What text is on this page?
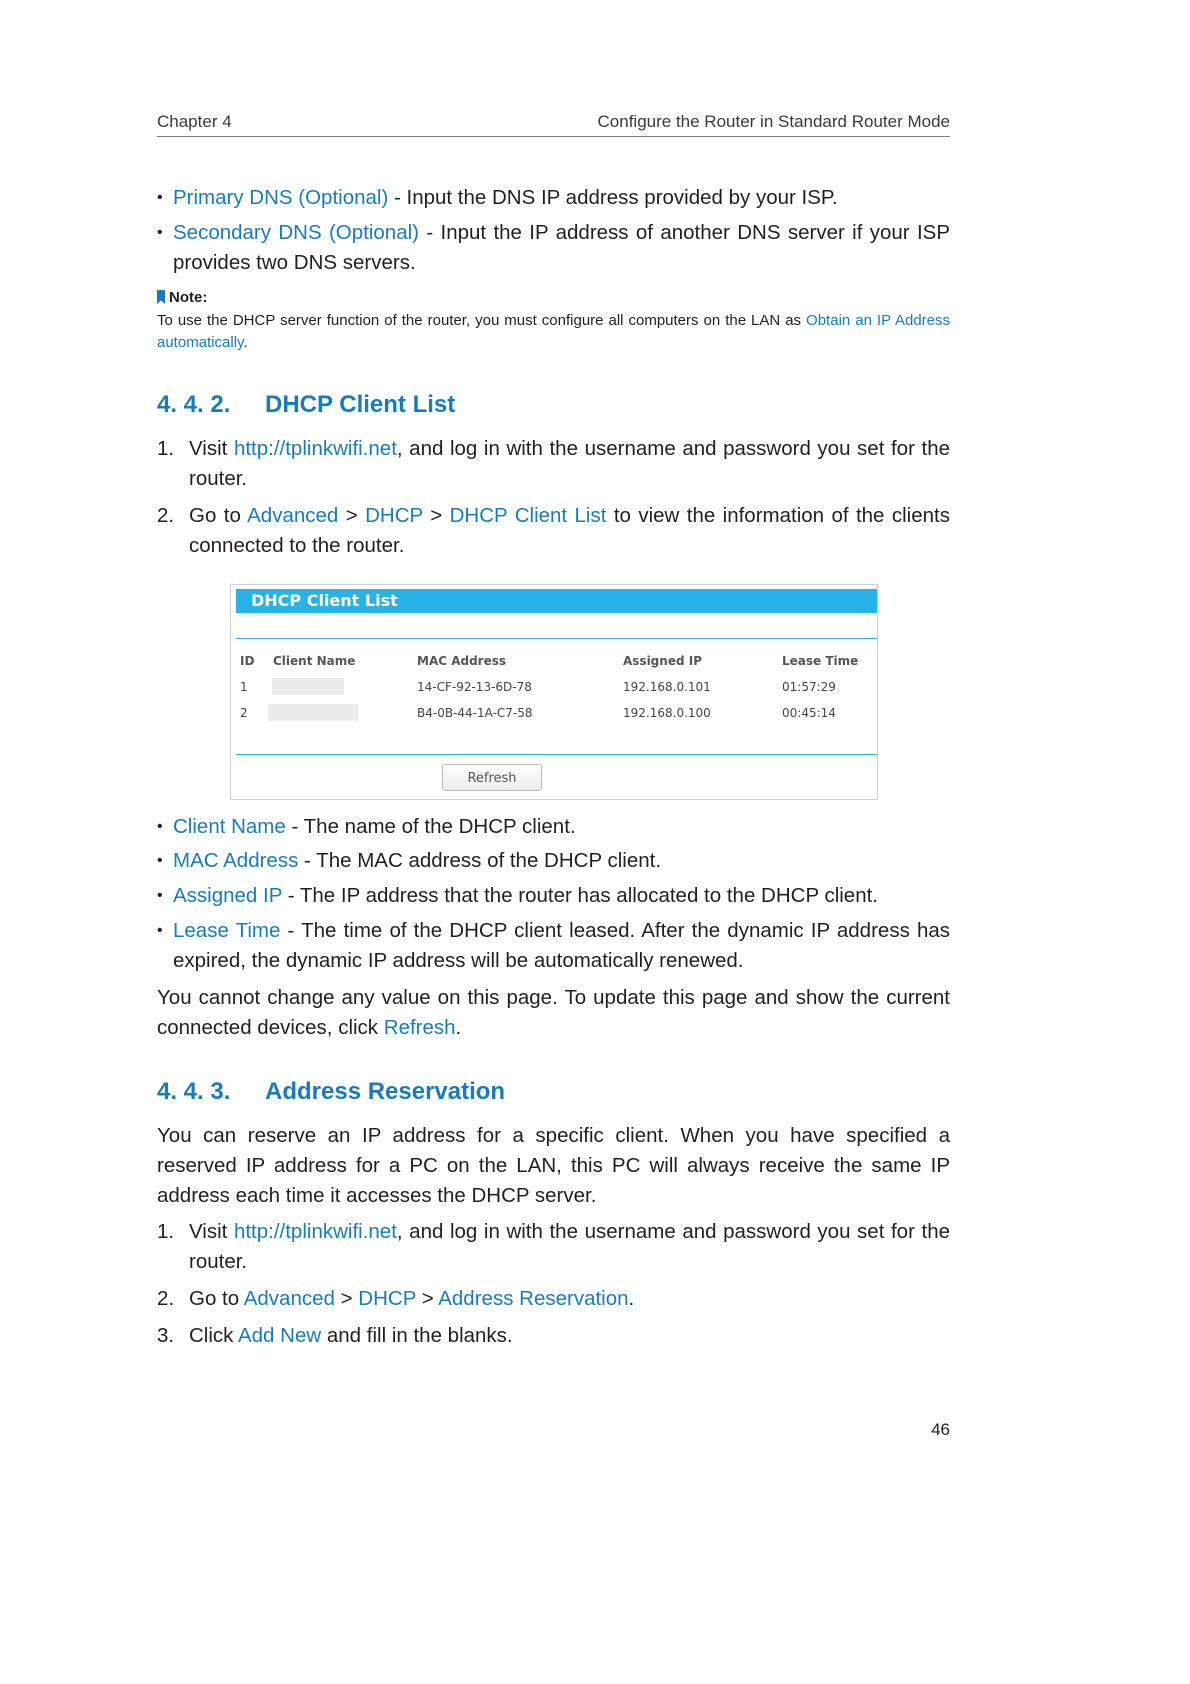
Chapter 4	Configure the Router in Standard Router Mode
• Primary DNS (Optional) - Input the DNS IP address provided by your ISP.
• Secondary DNS (Optional) - Input the IP address of another DNS server if your ISP provides two DNS servers.
Note:
To use the DHCP server function of the router, you must configure all computers on the LAN as Obtain an IP Address automatically.
4. 4. 2. DHCP Client List
1. Visit http://tplinkwifi.net, and log in with the username and password you set for the router.
2. Go to Advanced > DHCP > DHCP Client List to view the information of the clients connected to the router.
DHCP Client List
ID Client Name	MAC Address	Assigned IP	Lease Time
1	14-CF-92-13-6D-78	192.168.0.101	01:57:29
2	B4-0B-44-1A-C7-58	192.168.0.100	00:45:14
Refresh
• Client Name - The name of the DHCP client.
• MAC Address - The MAC address of the DHCP client.
• Assigned IP - The IP address that the router has allocated to the DHCP client.
• Lease Time - The time of the DHCP client leased. After the dynamic IP address has expired, the dynamic IP address will be automatically renewed.
You cannot change any value on this page. To update this page and show the current connected devices, click Refresh.
4. 4. 3. Address Reservation
You can reserve an IP address for a specific client. When you have specified a reserved IP address for a PC on the LAN, this PC will always receive the same IP address each time it accesses the DHCP server.
1. Visit http://tplinkwifi.net, and log in with the username and password you set for the router.
2. Go to Advanced > DHCP > Address Reservation.
3. Click Add New and fill in the blanks.
46
